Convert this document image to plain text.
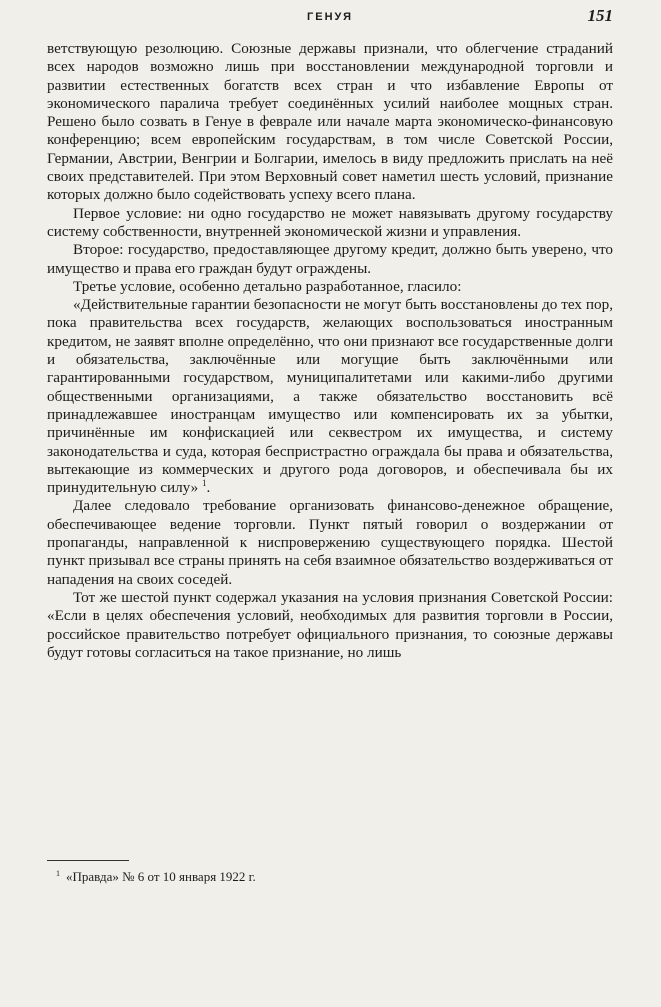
ГЕНУЯ	151

ветствующую резолюцию. Союзные державы признали, что облегчение страданий всех народов возможно лишь при восстановлении международной торговли и развитии естественных богатств всех стран и что избавление Европы от экономического паралича требует соединённых усилий наиболее мощных стран. Решено было созвать в Генуе в феврале или начале марта экономическо-финансовую конференцию; всем европейским государствам, в том числе Советской России, Германии, Австрии, Венгрии и Болгарии, имелось в виду предложить прислать на неё своих представителей. При этом Верховный совет наметил шесть условий, признание которых должно было содействовать успеху всего плана.

Первое условие: ни одно государство не может навязывать другому государству систему собственности, внутренней экономической жизни и управления.

Второе: государство, предоставляющее другому кредит, должно быть уверено, что имущество и права его граждан будут ограждены.

Третье условие, особенно детально разработанное, гласило:

«Действительные гарантии безопасности не могут быть восстановлены до тех пор, пока правительства всех государств, желающих воспользоваться иностранным кредитом, не заявят вполне определённо, что они признают все государственные долги и обязательства, заключённые или могущие быть заключёнными или гарантированными государством, муниципалитетами или какими-либо другими общественными организациями, а также обязательство восстановить всё принадлежавшее иностранцам имущество или компенсировать их за убытки, причинённые им конфискацией или секвестром их имущества, и систему законодательства и суда, которая беспристрастно ограждала бы права и обязательства, вытекающие из коммерческих и другого рода договоров, и обеспечивала бы их принудительную силу» $^1$.

Далее следовало требование организовать финансово-денежное обращение, обеспечивающее ведение торговли. Пункт пятый говорил о воздержании от пропаганды, направленной к ниспровержению существующего порядка. Шестой пункт призывал все страны принять на себя взаимное обязательство воздерживаться от нападения на своих соседей.

Тот же шестой пункт содержал указания на условия признания Советской России: «Если в целях обеспечения условий, необходимых для развития торговли в России, российское правительство потребует официального признания, то союзные державы будут готовы согласиться на такое признание, но лишь

$^1$ «Правда» № 6 от 10 января 1922 г.
